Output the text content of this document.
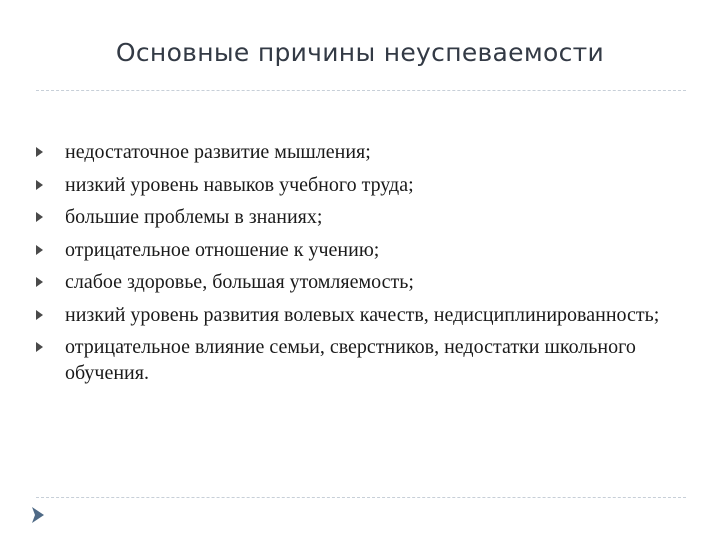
Основные причины неуспеваемости
недостаточное развитие мышления;
низкий уровень навыков учебного труда;
большие проблемы в знаниях;
отрицательное отношение к учению;
слабое здоровье, большая утомляемость;
низкий уровень развития волевых качеств, недисциплинированность;
отрицательное влияние семьи, сверстников, недостатки школьного обучения.
